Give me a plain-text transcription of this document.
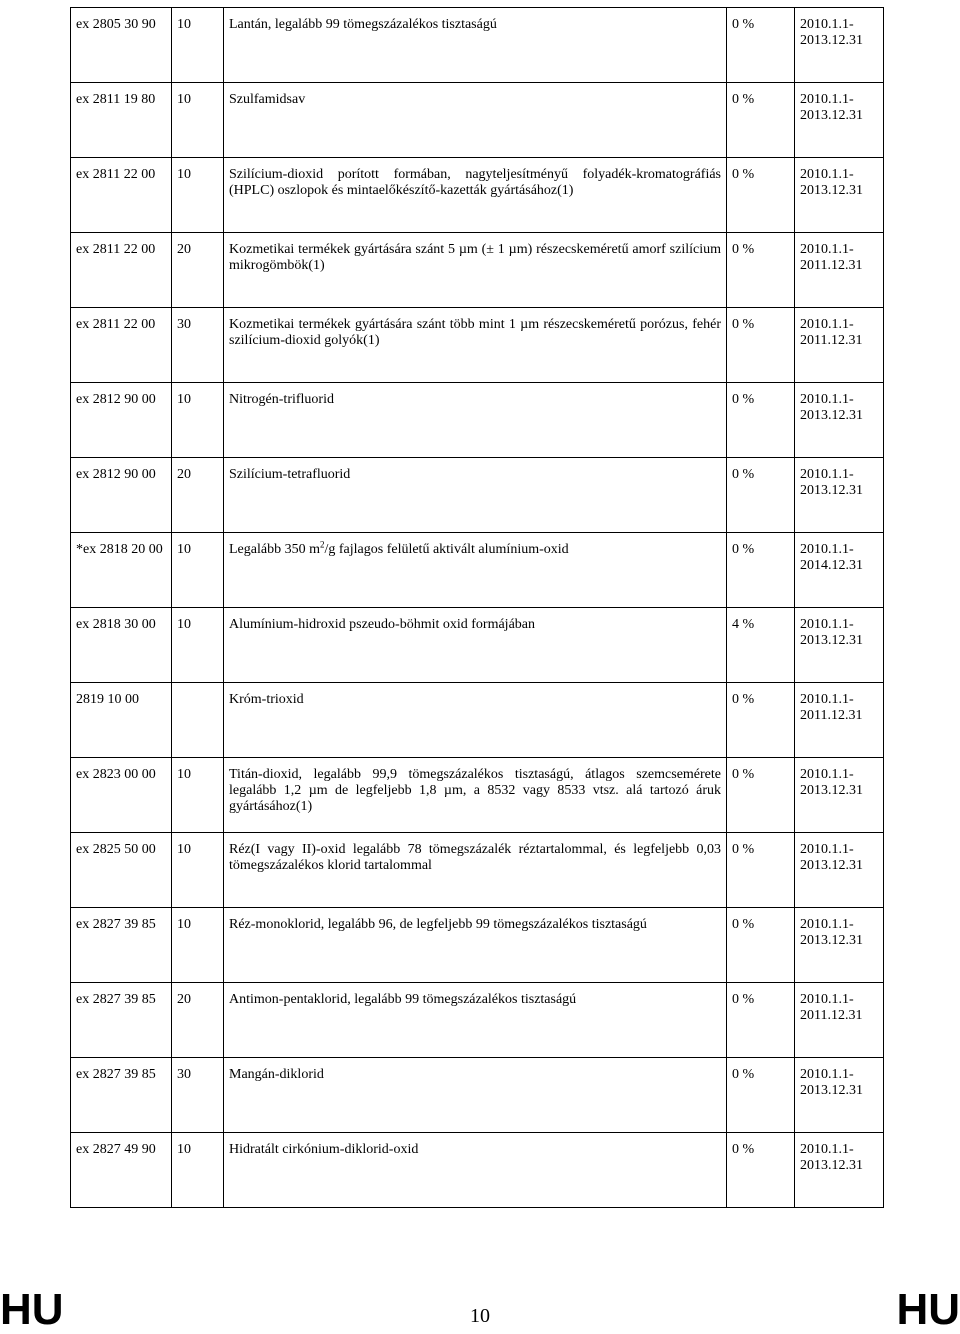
ex 2805 30 90	10	Lantán, legalább 99 tömegszázalékos tisztaságú	0 %	2010.1.1-
2013.12.31
ex 2811 19 80	10	Szulfamidsav	0 %	2010.1.1-
2013.12.31
ex 2811 22 00	10	Szilícium-dioxid porított formában, nagyteljesítményű folyadék-kromatográfiás (HPLC) oszlopok és mintaelőkészítő-kazetták gyártásához(1)	0 %	2010.1.1-
2013.12.31
ex 2811 22 00	20	Kozmetikai termékek gyártására szánt 5 µm (± 1 µm) részecskeméretű amorf szilícium mikrogömbök(1)	0 %	2010.1.1-
2011.12.31
ex 2811 22 00	30	Kozmetikai termékek gyártására szánt több mint 1 µm részecskeméretű porózus, fehér szilícium-dioxid golyók(1)	0 %	2010.1.1-
2011.12.31
ex 2812 90 00	10	Nitrogén-trifluorid	0 %	2010.1.1-
2013.12.31
ex 2812 90 00	20	Szilícium-tetrafluorid	0 %	2010.1.1-
2013.12.31
*ex 2818 20 00	10	Legalább 350 $m^2/g$ fajlagos felületű aktivált alumínium-oxid	0 %	2010.1.1-
2014.12.31
ex 2818 30 00	10	Alumínium-hidroxid pszeudo-böhmit oxid formájában	4 %	2010.1.1-
2013.12.31
2819 10 00		Króm-trioxid	0 %	2010.1.1-
2011.12.31
ex 2823 00 00	10	Titán-dioxid, legalább 99,9 tömegszázalékos tisztaságú, átlagos szemcsemérete legalább 1,2 µm de legfeljebb 1,8 µm, a 8532 vagy 8533 vtsz. alá tartozó áruk gyártásához(1)	0 %	2010.1.1-
2013.12.31
ex 2825 50 00	10	Réz(I vagy II)-oxid legalább 78 tömegszázalék réztartalommal, és legfeljebb 0,03 tömegszázalékos klorid tartalommal	0 %	2010.1.1-
2013.12.31
ex 2827 39 85	10	Réz-monoklorid, legalább 96, de legfeljebb 99 tömegszázalékos tisztaságú	0 %	2010.1.1-
2013.12.31
ex 2827 39 85	20	Antimon-pentaklorid, legalább 99 tömegszázalékos tisztaságú	0 %	2010.1.1-
2011.12.31
ex 2827 39 85	30	Mangán-diklorid	0 %	2010.1.1-
2013.12.31
ex 2827 49 90	10	Hidratált cirkónium-diklorid-oxid	0 %	2010.1.1-
2013.12.31
HU	10	HU
